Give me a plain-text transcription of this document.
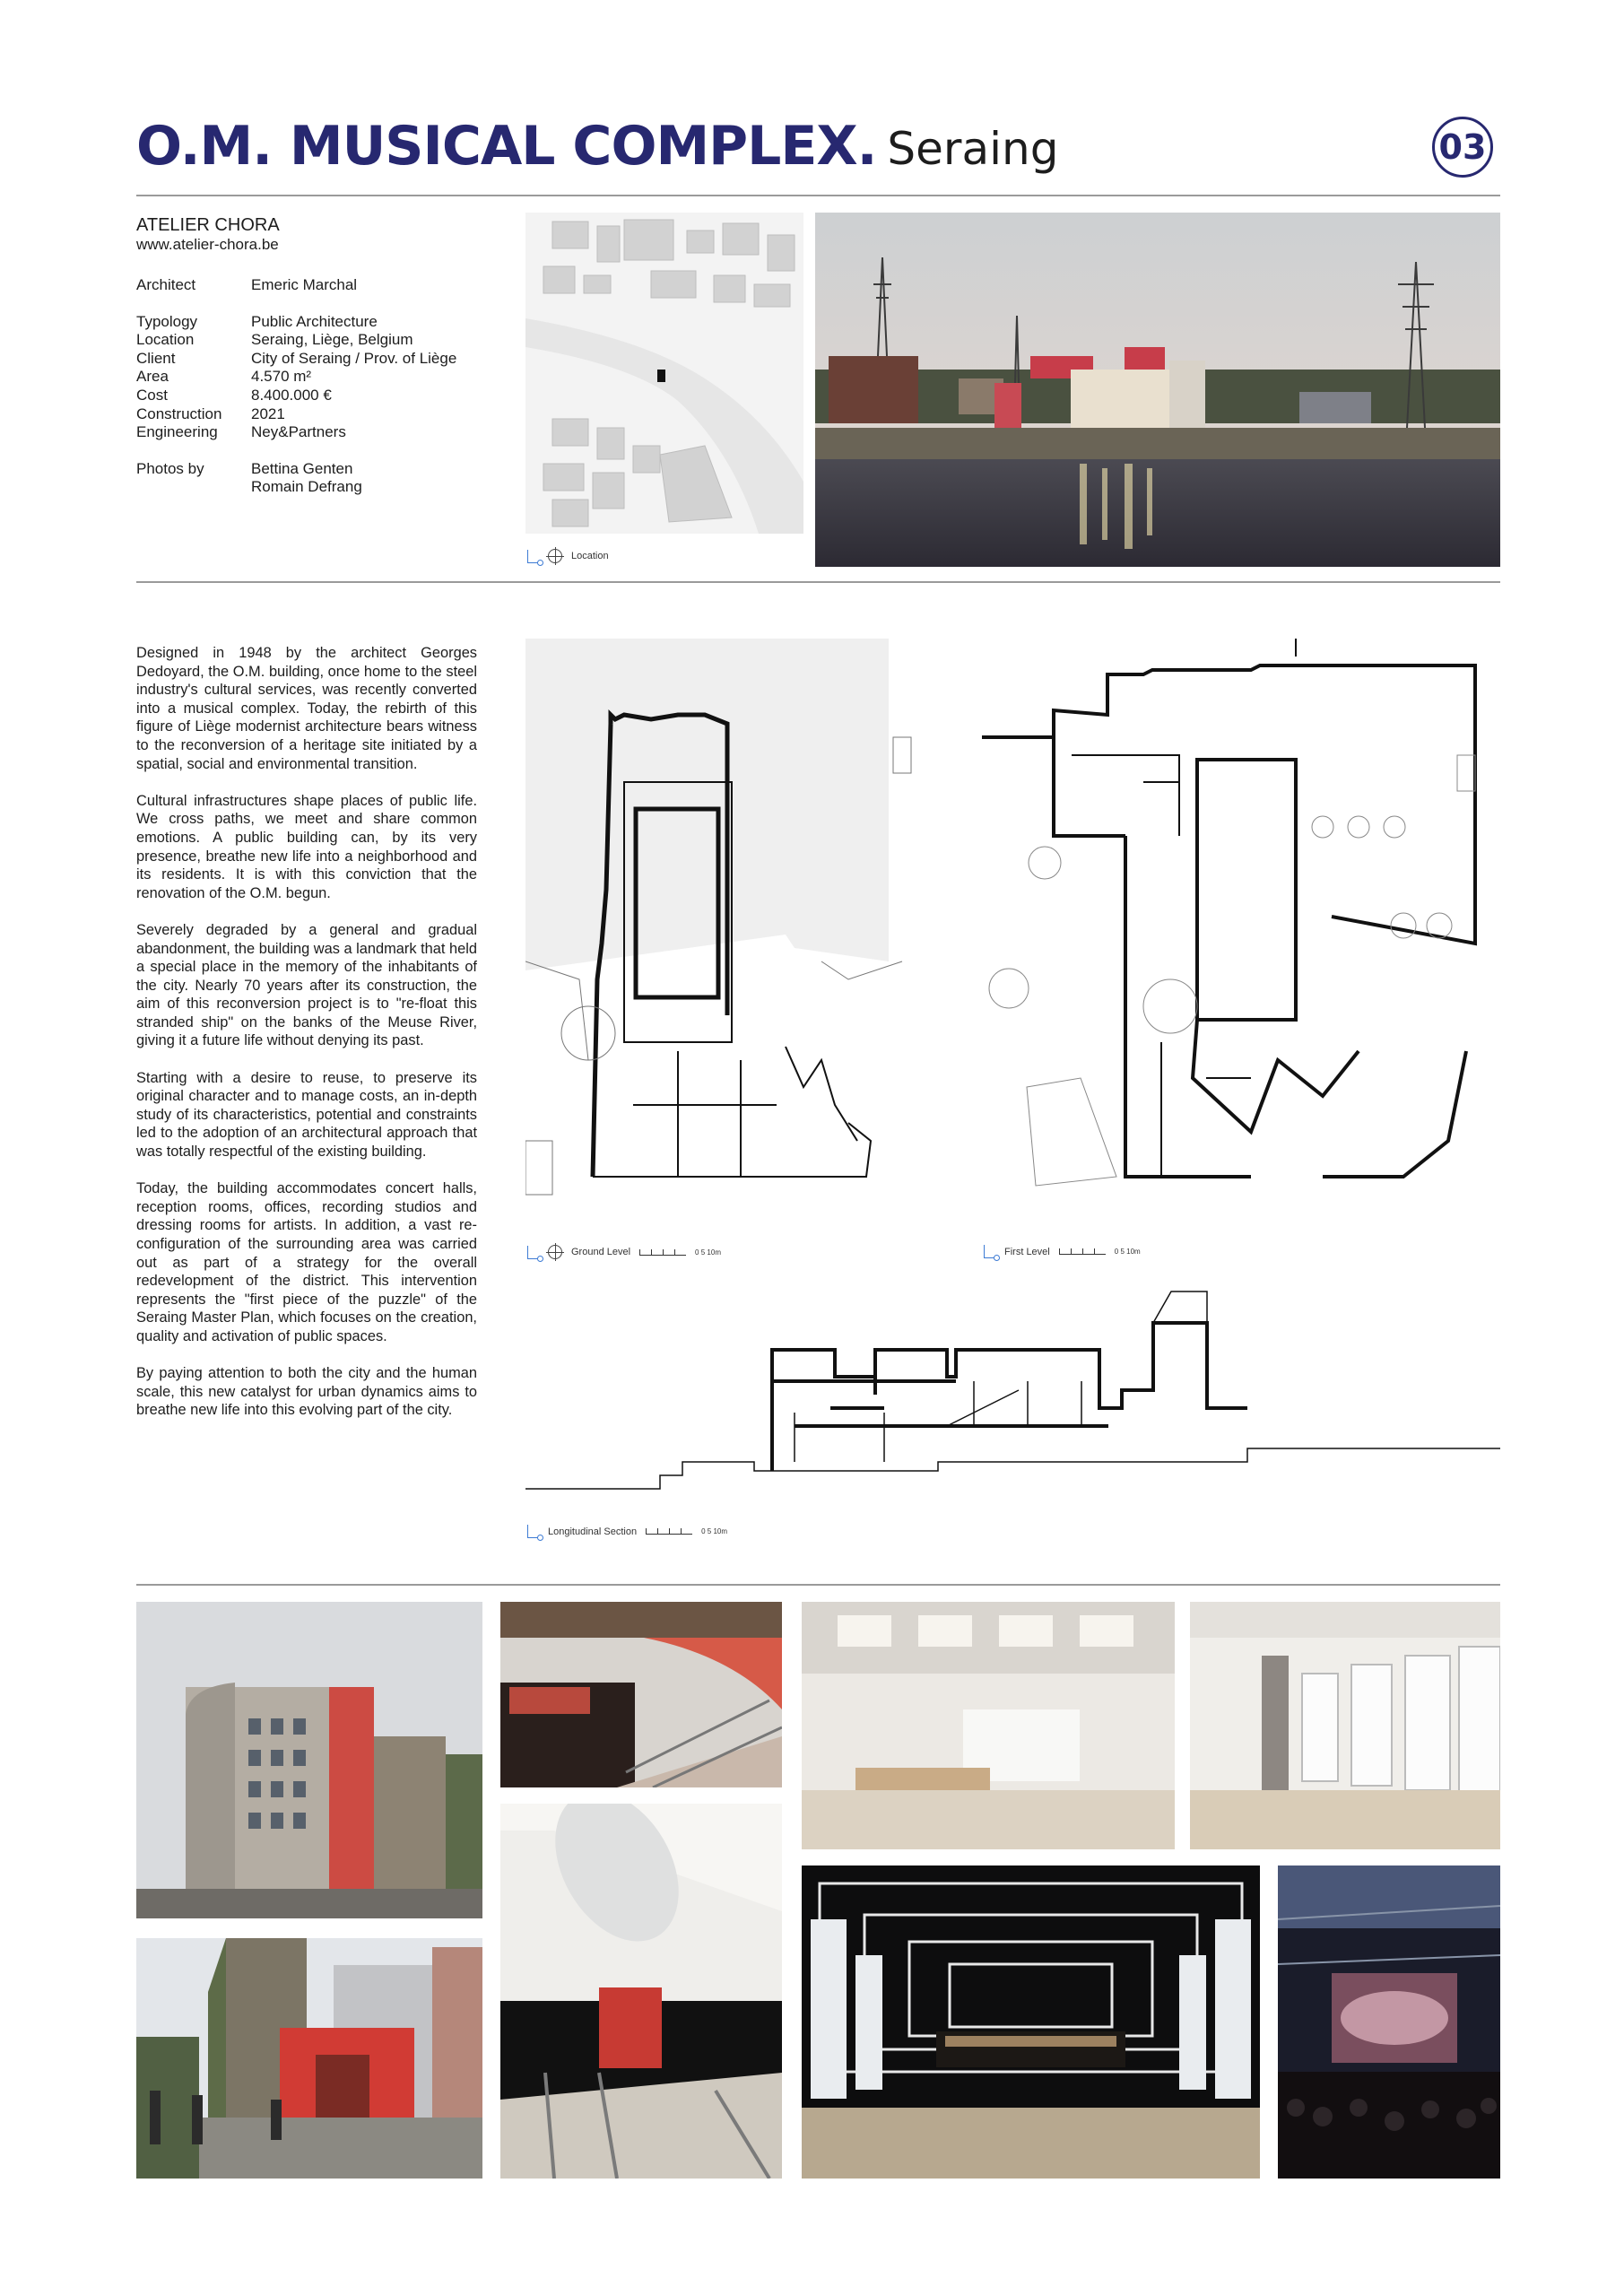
O.M. MUSICAL COMPLEX. Seraing	03
ATELIER CHORA
www.atelier-chora.be
Architect	Emeric Marchal
Typology	Public Architecture
Location	Seraing, Liège, Belgium
Client	City of Seraing / Prov. of Liège
Area	4.570 m²
Cost	8.400.000 €
Construction	2021
Engineering	Ney&Partners
Photos by	Bettina Genten
Romain Defrang
Location

Designed in 1948 by the architect Georges Dedoyard, the O.M. building, once home to the steel industry's cultural services, was recently converted into a musical complex. Today, the rebirth of this figure of Liège modernist architecture bears witness to the reconversion of a heritage site initiated by a spatial, social and environmental transition.

Cultural infrastructures shape places of public life. We cross paths, we meet and share common emotions. A public building can, by its very presence, breathe new life into a neighborhood and its residents. It is with this conviction that the renovation of the O.M. begun.

Severely degraded by a general and gradual abandonment, the building was a landmark that held a special place in the memory of the inhabitants of the city. Nearly 70 years after its construction, the aim of this reconversion project is to "re-float this stranded ship" on the banks of the Meuse River, giving it a future life without denying its past.

Starting with a desire to reuse, to preserve its original character and to manage costs, an in-depth study of its characteristics, potential and constraints led to the adoption of an architectural approach that was totally respectful of the existing building.

Today, the building accommodates concert halls, reception rooms, offices, recording studios and dressing rooms for artists. In addition, a vast re-configuration of the surrounding area was carried out as part of a strategy for the overall redevelopment of the district. This intervention represents the "first piece of the puzzle" of the Seraing Master Plan, which focuses on the creation, quality and activation of public spaces.

By paying attention to both the city and the human scale, this new catalyst for urban dynamics aims to breathe new life into this evolving part of the city.

Ground Level	0 5 10m	First Level	0 5 10m
Longitudinal Section	0 5 10m
